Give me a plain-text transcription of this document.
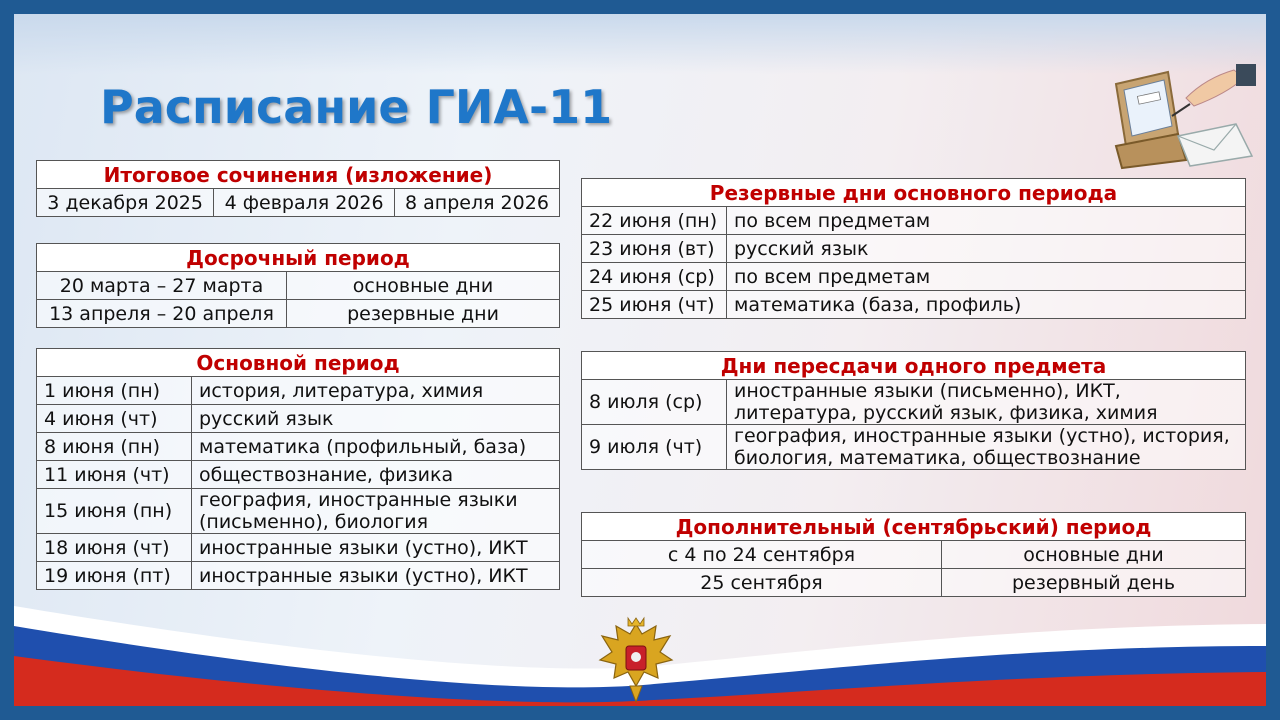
Расписание ГИА-11
Итоговое сочинения (изложение)
3 декабря 2025	4 февраля 2026	8 апреля 2026
Досрочный период	
20 марта – 27 марта	основные дни
13 апреля – 20 апреля	резервные дни
Основной период	
1 июня (пн)	история, литература, химия
4 июня (чт)	русский язык
8 июня (пн)	математика (профильный, база)
11 июня (чт)	обществознание, физика
15 июня (пн)	география, иностранные языки (письменно), биология
18 июня (чт)	иностранные языки (устно), ИКТ
19 июня (пт)	иностранные языки (устно), ИКТ
Резервные дни основного периода	
22 июня (пн)	по всем предметам
23 июня (вт)	русский язык
24 июня (ср)	по всем предметам
25 июня (чт)	математика (база, профиль)
Дни пересдачи одного предмета	
8 июля (ср)	иностранные языки (письменно), ИКТ, литература, русский язык, физика, химия
9 июля (чт)	география, иностранные языки (устно), история, биология, математика, обществознание
Дополнительный (сентябрьский) период	
с 4 по 24 сентября	основные дни
25 сентября	резервный день
